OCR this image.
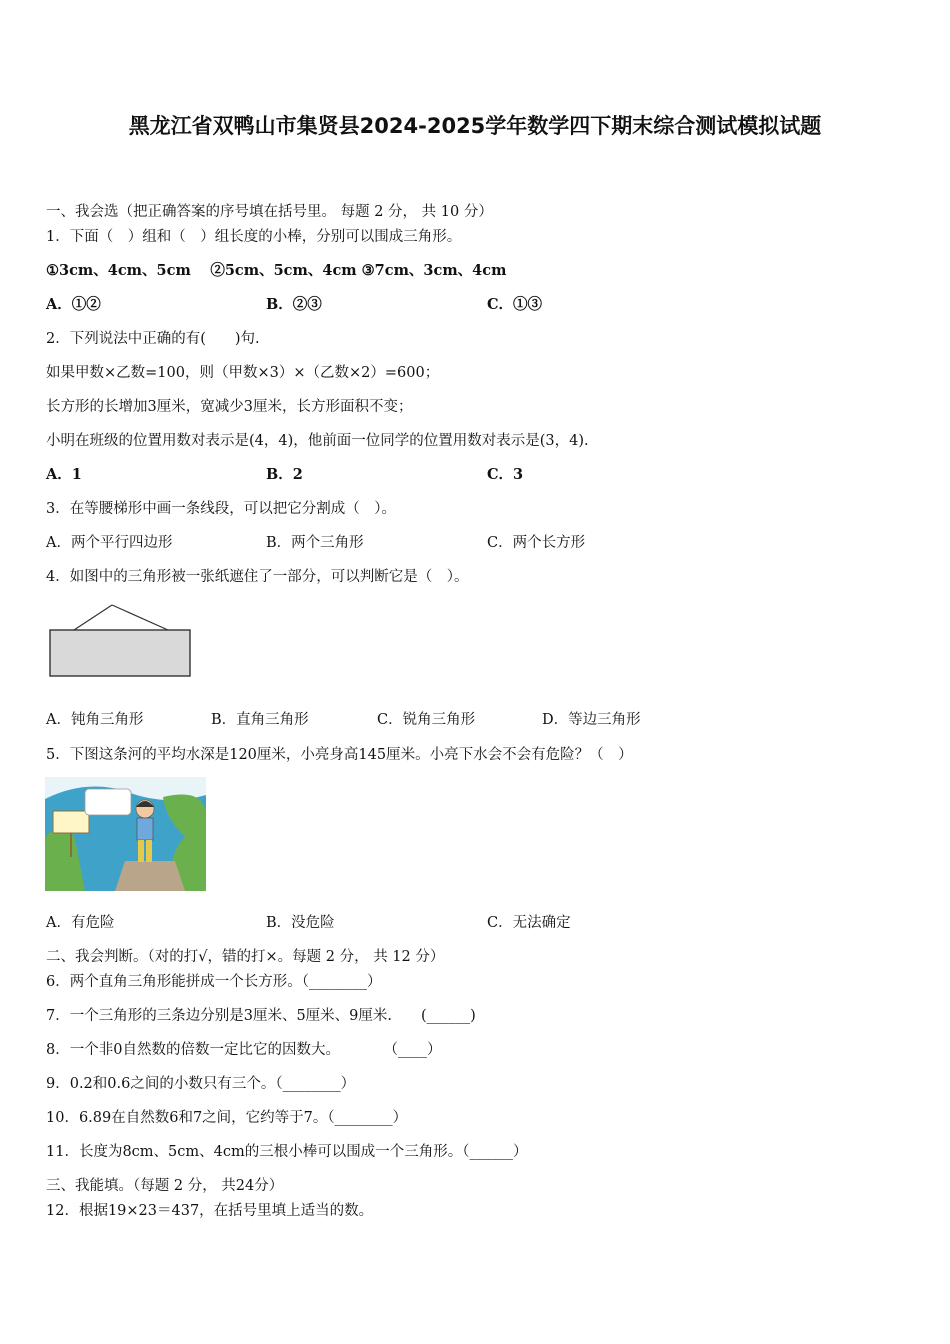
黑龙江省双鸭山市集贤县2024-2025学年数学四下期末综合测试模拟试题
一、我会选（把正确答案的序号填在括号里。 每题 2 分， 共 10 分）
1．下面（　）组和（　）组长度的小棒，分别可以围成三角形。
①3cm、4cm、5cm　 ②5cm、5cm、4cm ③7cm、3cm、4cm
A．①②	B．②③	C．①③
2．下列说法中正确的有(　　)句.
如果甲数×乙数=100，则（甲数×3）×（乙数×2）=600；
长方形的长增加3厘米，宽减少3厘米，长方形面积不变；
小明在班级的位置用数对表示是(4，4)，他前面一位同学的位置用数对表示是(3，4).
A．1	B．2	C．3
3．在等腰梯形中画一条线段，可以把它分割成（　）。
A．两个平行四边形	B．两个三角形	C．两个长方形
4．如图中的三角形被一张纸遮住了一部分，可以判断它是（　）。
A．钝角三角形	B．直角三角形	C．锐角三角形	D．等边三角形
5．下图这条河的平均水深是120厘米，小亮身高145厘米。小亮下水会不会有危险？（　）
A．有危险	B．没危险	C．无法确定
二、我会判断。（对的打√，错的打×。每题 2 分， 共 12 分）
6．两个直角三角形能拼成一个长方形。（________）
7．一个三角形的三条边分别是3厘米、5厘米、9厘米.　　(______)
8．一个非0自然数的倍数一定比它的因数大。　　　　（____）
9．0.2和0.6之间的小数只有三个。（________）
10．6.89在自然数6和7之间，它约等于7。（________）
11．长度为8cm、5cm、4cm的三根小棒可以围成一个三角形。（______）
三、我能填。（每题 2 分， 共24分）
12．根据19×23＝437，在括号里填上适当的数。
